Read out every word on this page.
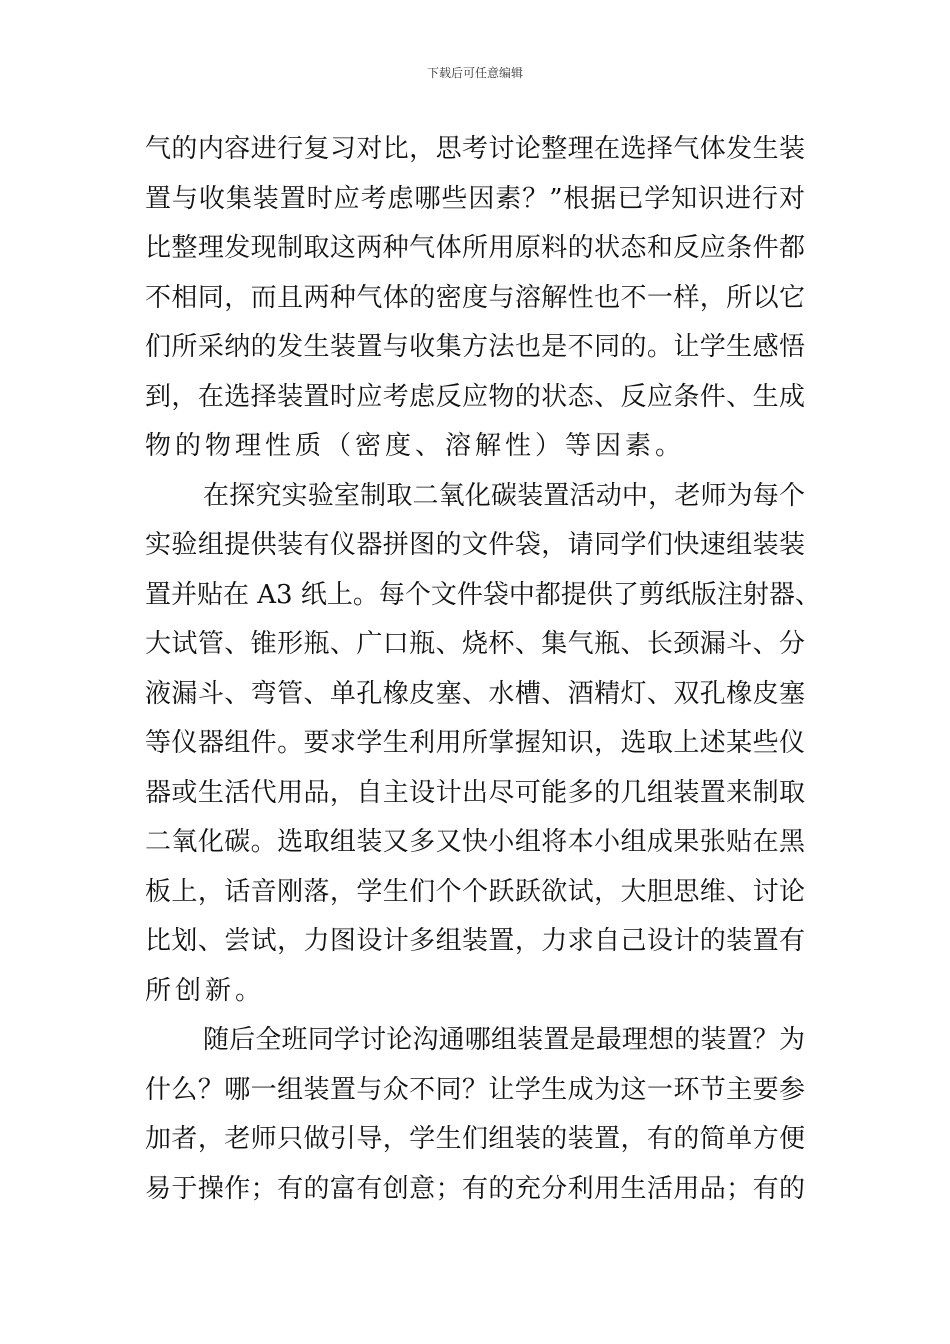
下载后可任意编辑
气的内容进行复习对比，思考讨论整理在选择气体发生装
置与收集装置时应考虑哪些因素？”根据已学知识进行对
比整理发现制取这两种气体所用原料的状态和反应条件都
不相同，而且两种气体的密度与溶解性也不一样，所以它
们所采纳的发生装置与收集方法也是不同的。让学生感悟
到，在选择装置时应考虑反应物的状态、反应条件、生成
物的物理性质（密度、溶解性）等因素。
在探究实验室制取二氧化碳装置活动中，老师为每个
实验组提供装有仪器拼图的文件袋，请同学们快速组装装
置并贴在 A3 纸上。每个文件袋中都提供了剪纸版注射器、
大试管、锥形瓶、广口瓶、烧杯、集气瓶、长颈漏斗、分
液漏斗、弯管、单孔橡皮塞、水槽、酒精灯、双孔橡皮塞
等仪器组件。要求学生利用所掌握知识，选取上述某些仪
器或生活代用品，自主设计出尽可能多的几组装置来制取
二氧化碳。选取组装又多又快小组将本小组成果张贴在黑
板上，话音刚落，学生们个个跃跃欲试，大胆思维、讨论
比划、尝试，力图设计多组装置，力求自己设计的装置有
所创新。
随后全班同学讨论沟通哪组装置是最理想的装置？为
什么？哪一组装置与众不同？让学生成为这一环节主要参
加者，老师只做引导，学生们组装的装置，有的简单方便
易于操作；有的富有创意；有的充分利用生活用品；有的
